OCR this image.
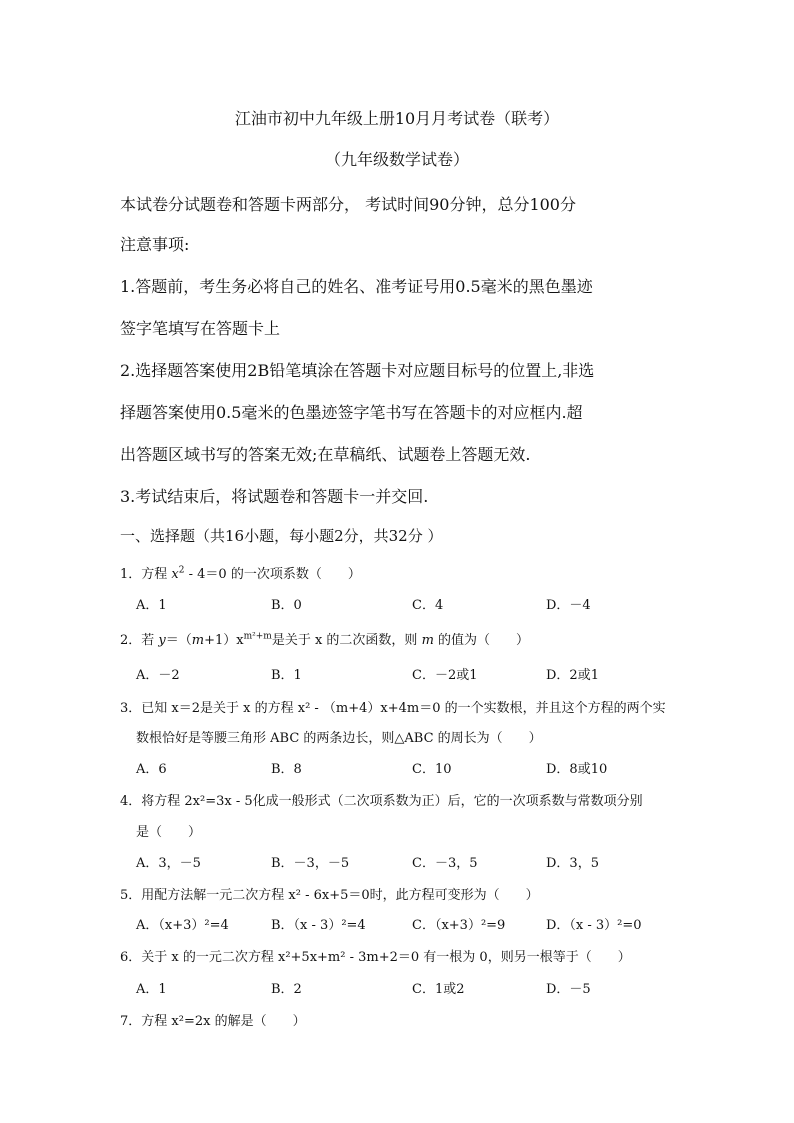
江油市初中九年级上册10月月考试卷（联考）
（九年级数学试卷）
本试卷分试题卷和答题卡两部分， 考试时间90分钟，总分100分
注意事项:
1.答题前，考生务必将自己的姓名、准考证号用0.5毫米的黑色墨迹
签字笔填写在答题卡上
2.选择题答案使用2B铅笔填涂在答题卡对应题目标号的位置上,非选
择题答案使用0.5毫米的色墨迹签字笔书写在答题卡的对应框内.超
出答题区域书写的答案无效;在草稿纸、试题卷上答题无效.
3.考试结束后，将试题卷和答题卡一并交回.
一、选择题（共16小题，每小题2分，共32分 ）
1．方程 $x^2 - 4=0$ 的一次项系数（　　）
A．1	B．0	C．4	D．－4
2．若 $y=(m+1)x^{m^2+m}$是关于 x 的二次函数，则 m 的值为（　　）
A．－2	B．1	C．－2或1	D．2或1
3．已知 x＝2是关于 x 的方程 x² - （m+4）x+4m＝0 的一个实数根，并且这个方程的两个实
数根恰好是等腰三角形 ABC 的两条边长，则△ABC 的周长为（　　）
A．6	B．8	C．10	D．8或10
4．将方程 2x²=3x - 5化成一般形式（二次项系数为正）后，它的一次项系数与常数项分别
是（　　）
A．3，－5	B．－3，－5	C．－3，5	D．3，5
5．用配方法解一元二次方程 x² - 6x+5＝0时，此方程可变形为（　　）
A．（x+3）²=4	B．（x - 3）²=4	C．（x+3）²=9	D．（x - 3）²=0
6．关于 x 的一元二次方程 x²+5x+m² - 3m+2＝0 有一根为 0，则另一根等于（　　）
A．1	B．2	C．1或2	D．－5
7．方程 x²=2x 的解是（　　）
